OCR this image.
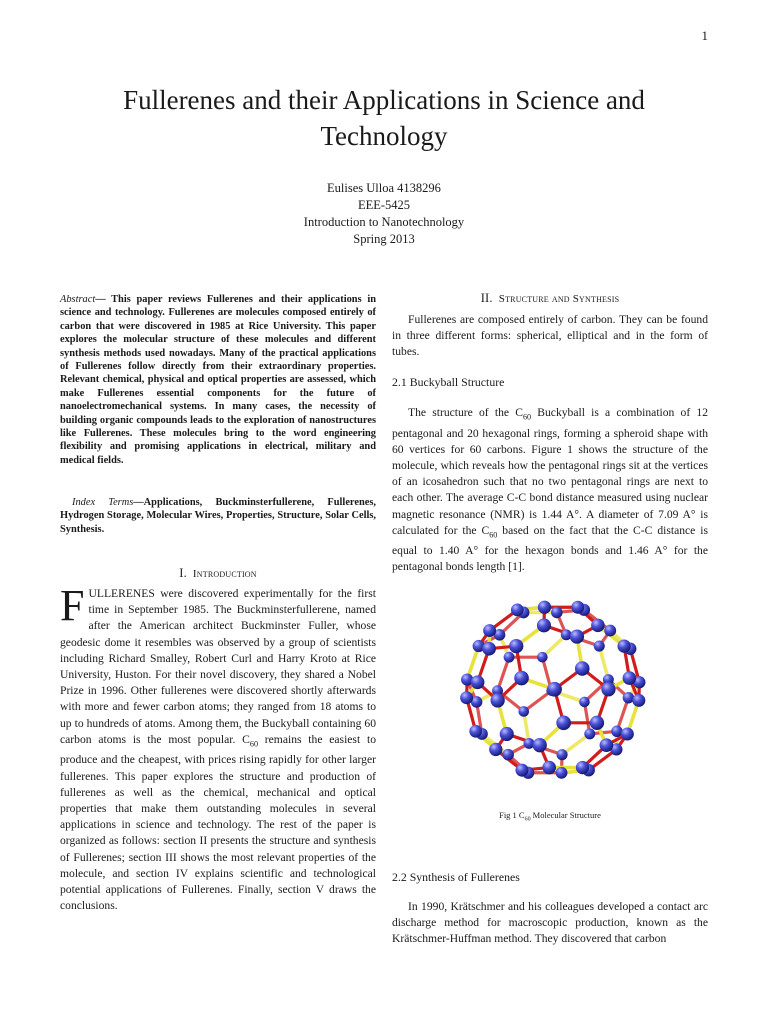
1
Fullerenes and their Applications in Science and Technology
Eulises Ulloa 4138296
EEE-5425
Introduction to Nanotechnology
Spring 2013
Abstract— This paper reviews Fullerenes and their applications in science and technology. Fullerenes are molecules composed entirely of carbon that were discovered in 1985 at Rice University. This paper explores the molecular structure of these molecules and different synthesis methods used nowadays. Many of the practical applications of Fullerenes follow directly from their extraordinary properties. Relevant chemical, physical and optical properties are assessed, which make Fullerenes essential components for the future of nanoelectromechanical systems. In many cases, the necessity of building organic compounds leads to the exploration of nanostructures like Fullerenes. These molecules bring to the word engineering flexibility and promising applications in electrical, military and medical fields.
Index Terms—Applications, Buckminsterfullerene, Fullerenes, Hydrogen Storage, Molecular Wires, Properties, Structure, Solar Cells, Synthesis.
I. Introduction
FULLERENES were discovered experimentally for the first time in September 1985. The Buckminsterfullerene, named after the American architect Buckminster Fuller, whose geodesic dome it resembles was observed by a group of scientists including Richard Smalley, Robert Curl and Harry Kroto at Rice University, Huston. For their novel discovery, they shared a Nobel Prize in 1996. Other fullerenes were discovered shortly afterwards with more and fewer carbon atoms; they ranged from 18 atoms to up to hundreds of atoms. Among them, the Buckyball containing 60 carbon atoms is the most popular. $C_{60}$ remains the easiest to produce and the cheapest, with prices rising rapidly for other larger fullerenes. This paper explores the structure and production of fullerenes as well as the chemical, mechanical and optical properties that make them outstanding molecules in several applications in science and technology. The rest of the paper is organized as follows: section II presents the structure and synthesis of Fullerenes; section III shows the most relevant properties of the molecule, and section IV explains scientific and technological potential applications of Fullerenes. Finally, section V draws the conclusions.
II. Structure and Synthesis
Fullerenes are composed entirely of carbon. They can be found in three different forms: spherical, elliptical and in the form of tubes.
2.1 Buckyball Structure
The structure of the $C_{60}$ Buckyball is a combination of 12 pentagonal and 20 hexagonal rings, forming a spheroid shape with 60 vertices for 60 carbons. Figure 1 shows the structure of the molecule, which reveals how the pentagonal rings sit at the vertices of an icosahedron such that no two pentagonal rings are next to each other. The average C-C bond distance measured using nuclear magnetic resonance (NMR) is 1.44 A°. A diameter of 7.09 A° is calculated for the $C_{60}$ based on the fact that the C-C distance is equal to 1.40 A° for the hexagon bonds and 1.46 A° for the pentagonal bonds length [1].
Fig 1 $C_{60}$ Molecular Structure
2.2 Synthesis of Fullerenes
In 1990, Krätschmer and his colleagues developed a contact arc discharge method for macroscopic production, known as the Krätschmer-Huffman method. They discovered that carbon
